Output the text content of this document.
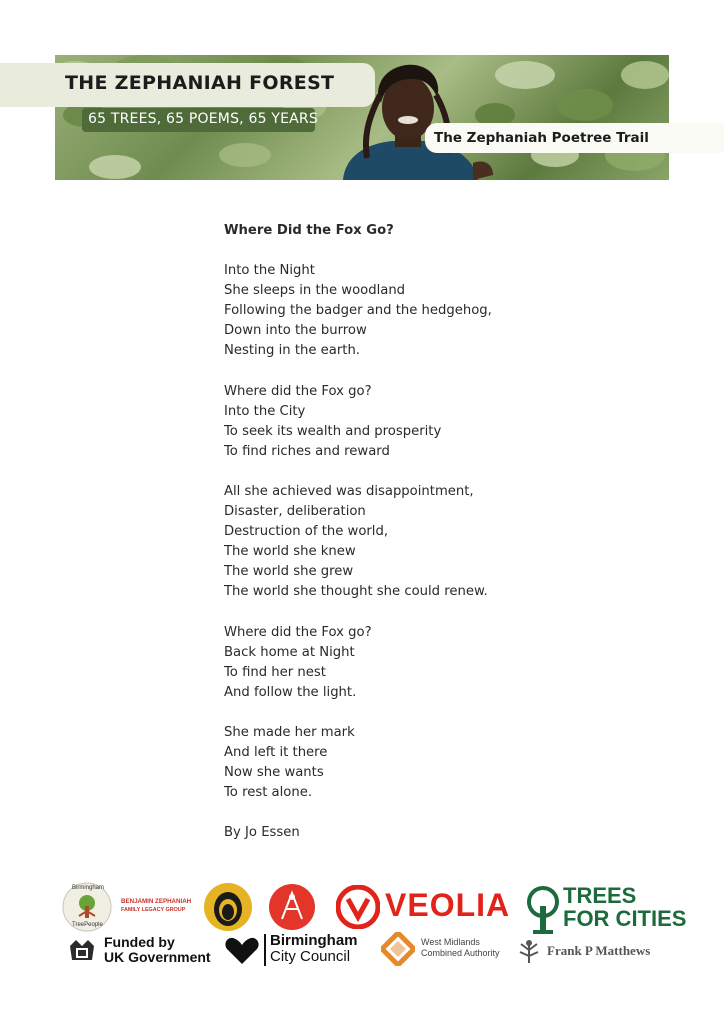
THE ZEPHANIAH FOREST
65 TREES, 65 POEMS, 65 YEARS
The Zephaniah Poetree Trail
Where Did the Fox Go?
Into the Night
She sleeps in the woodland
Following the badger and the hedgehog,
Down into the burrow
Nesting in the earth.
Where did the Fox go?
Into the City
To seek its wealth and prosperity
To find riches and reward
All she achieved was disappointment,
Disaster, deliberation
Destruction of the world,
The world she knew
The world she grew
The world she thought she could renew.
Where did the Fox go?
Back home at Night
To find her nest
And follow the light.
She made her mark
And left it there
Now she wants
To rest alone.
By Jo Essen
Birmingham
TreePeople
BENJAMIN ZEPHANIAH
FAMILY LEGACY GROUP	VEOLIA TREES
FOR CITIES
Funded by
UK Government
Birmingham
City Council
West Midlands
Combined Authority	Frank P Matthews
